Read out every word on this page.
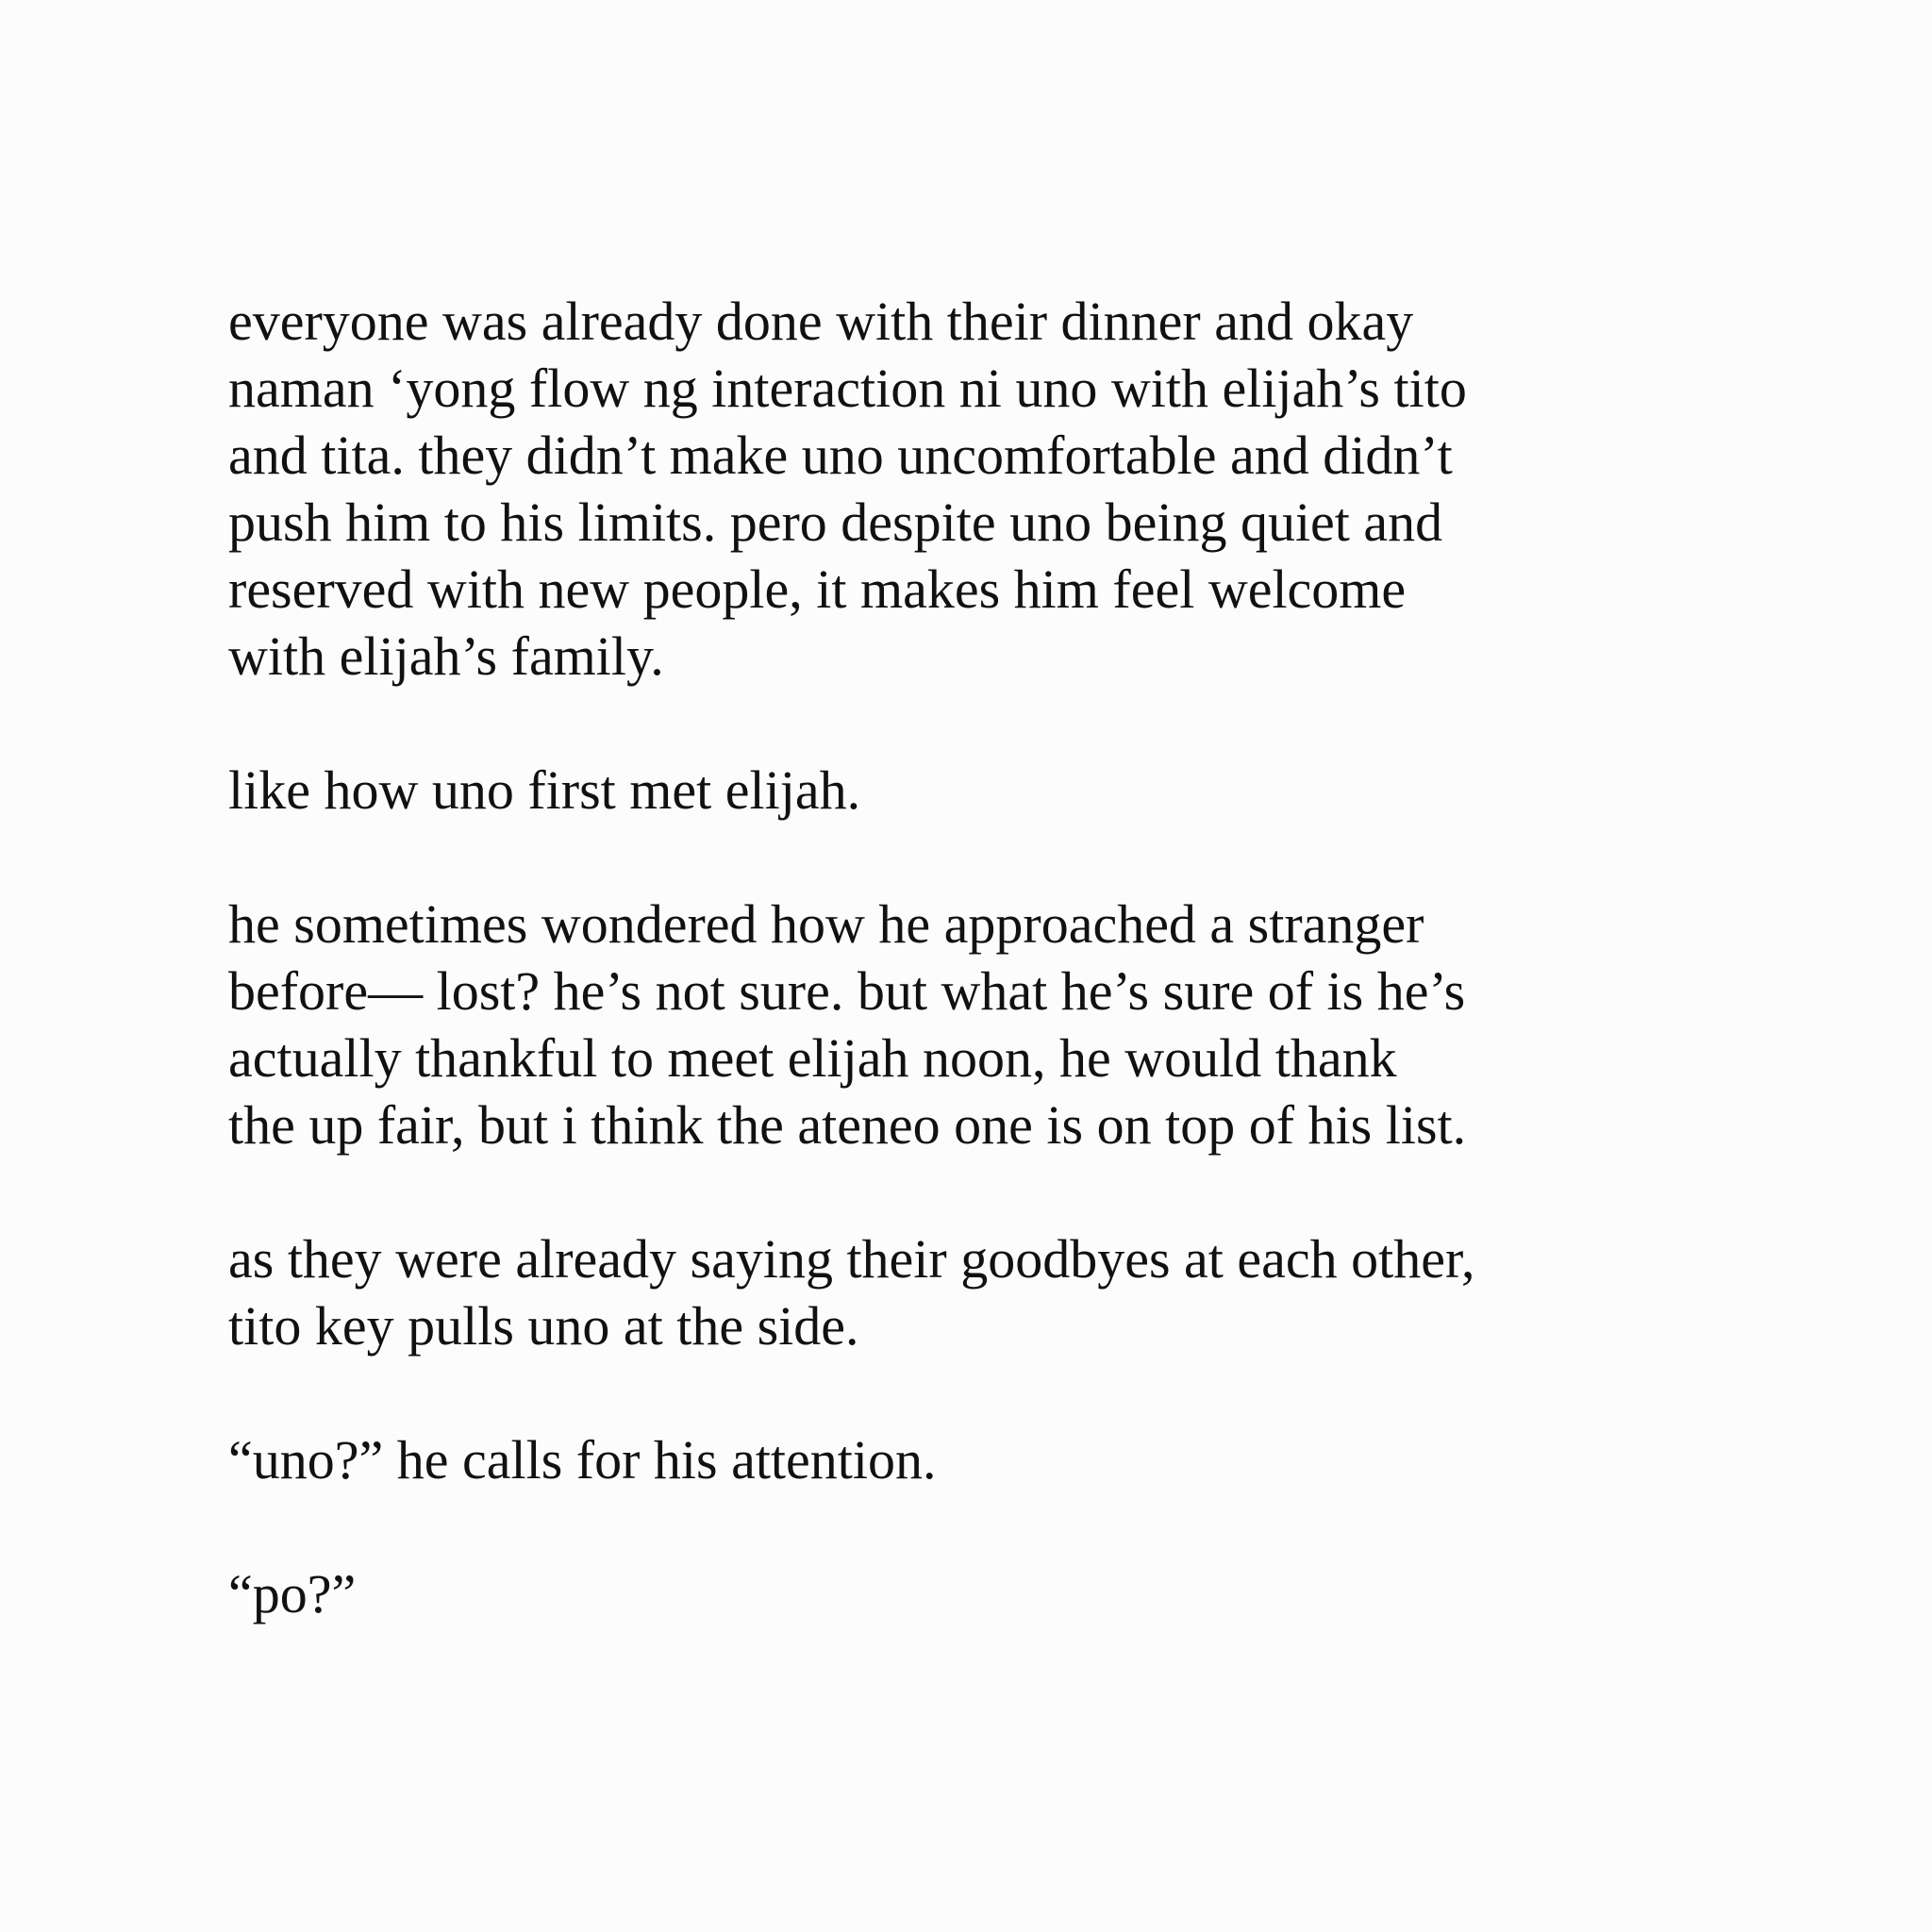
everyone was already done with their dinner and okay
naman ‘yong flow ng interaction ni uno with elijah’s tito
and tita. they didn’t make uno uncomfortable and didn’t
push him to his limits. pero despite uno being quiet and
reserved with new people, it makes him feel welcome
with elijah’s family.

like how uno first met elijah.

he sometimes wondered how he approached a stranger
before— lost? he’s not sure. but what he’s sure of is he’s
actually thankful to meet elijah noon, he would thank
the up fair, but i think the ateneo one is on top of his list.

as they were already saying their goodbyes at each other,
tito key pulls uno at the side.

“uno?” he calls for his attention.

“po?”
